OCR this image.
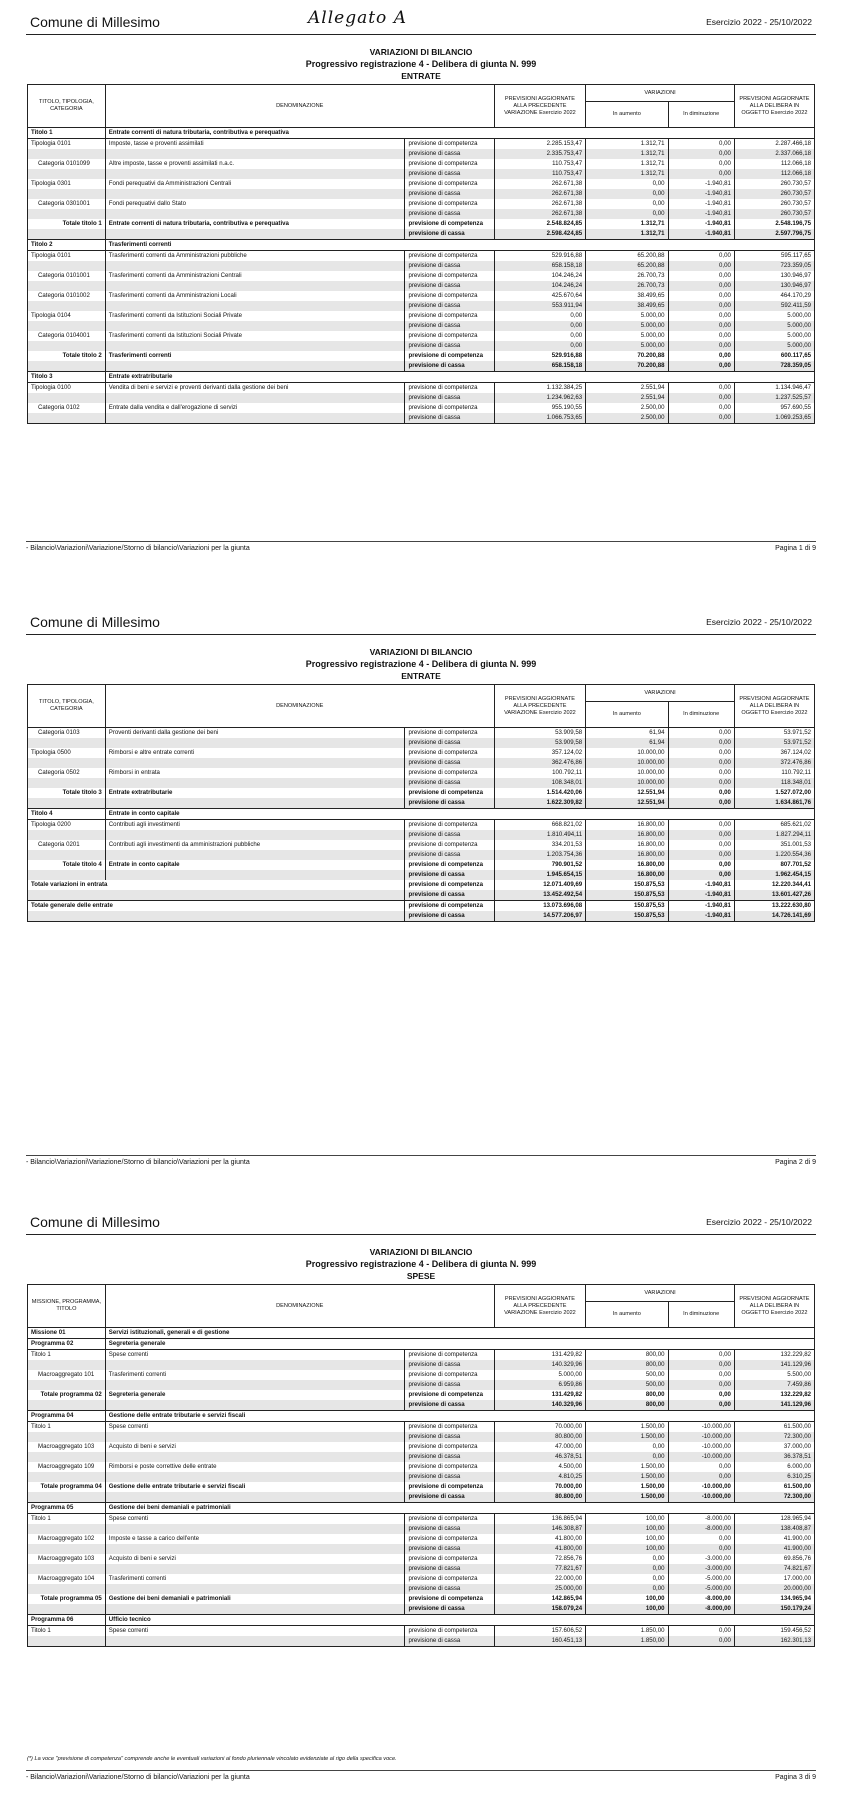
Comune di Millesimo	Allegato A	Esercizio 2022 - 25/10/2022
VARIAZIONI DI BILANCIO
Progressivo registrazione 4 - Delibera di giunta N. 999
ENTRATE
TITOLO, TIPOLOGIA, CATEGORIA	DENOMINAZIONE		PREVISIONI AGGIORNATE ALLA PRECEDENTE VARIAZIONE Esercizio 2022	VARIAZIONI		PREVISIONI AGGIORNATE ALLA DELIBERA IN OGGETTO Esercizio 2022
				In aumento	In diminuzione	
Titolo 1	Entrate correnti di natura tributaria, contributiva e perequativa					
Tipologia 0101	Imposte, tasse e proventi assimilati	previsione di competenza	2.285.153,47	1.312,71	0,00	2.287.466,18
		previsione di cassa	2.335.753,47	1.312,71	0,00	2.337.066,18
Categoria 0101099	Altre imposte, tasse e proventi assimilati n.a.c.	previsione di competenza	110.753,47	1.312,71	0,00	112.066,18
		previsione di cassa	110.753,47	1.312,71	0,00	112.066,18
Tipologia 0301	Fondi perequativi da Amministrazioni Centrali	previsione di competenza	262.671,38	0,00	-1.940,81	260.730,57
		previsione di cassa	262.671,38	0,00	-1.940,81	260.730,57
Categoria 0301001	Fondi perequativi dallo Stato	previsione di competenza	262.671,38	0,00	-1.940,81	260.730,57
		previsione di cassa	262.671,38	0,00	-1.940,81	260.730,57
Totale titolo 1	Entrate correnti di natura tributaria, contributiva e perequativa	previsione di competenza	2.548.824,85	1.312,71	-1.940,81	2.548.196,75
		previsione di cassa	2.598.424,85	1.312,71	-1.940,81	2.597.796,75
Titolo 2	Trasferimenti correnti					
Tipologia 0101	Trasferimenti correnti da Amministrazioni pubbliche	previsione di competenza	529.916,88	65.200,88	0,00	595.117,65
		previsione di cassa	658.158,18	65.200,88	0,00	723.359,05
Categoria 0101001	Trasferimenti correnti da Amministrazioni Centrali	previsione di competenza	104.246,24	26.700,73	0,00	130.946,97
		previsione di cassa	104.246,24	26.700,73	0,00	130.946,97
Categoria 0101002	Trasferimenti correnti da Amministrazioni Locali	previsione di competenza	425.670,64	38.499,65	0,00	464.170,29
		previsione di cassa	553.911,94	38.499,65	0,00	592.411,59
Tipologia 0104	Trasferimenti correnti da Istituzioni Sociali Private	previsione di competenza	0,00	5.000,00	0,00	5.000,00
		previsione di cassa	0,00	5.000,00	0,00	5.000,00
Categoria 0104001	Trasferimenti correnti da Istituzioni Sociali Private	previsione di competenza	0,00	5.000,00	0,00	5.000,00
		previsione di cassa	0,00	5.000,00	0,00	5.000,00
Totale titolo 2	Trasferimenti correnti	previsione di competenza	529.916,88	70.200,88	0,00	600.117,65
		previsione di cassa	658.158,18	70.200,88	0,00	728.359,05
Titolo 3	Entrate extratributarie					
Tipologia 0100	Vendita di beni e servizi e proventi derivanti dalla gestione dei beni	previsione di competenza	1.132.384,25	2.551,94	0,00	1.134.946,47
		previsione di cassa	1.234.962,63	2.551,94	0,00	1.237.525,57
Categoria 0102	Entrate dalla vendita e dall'erogazione di servizi	previsione di competenza	955.190,55	2.500,00	0,00	957.690,55
		previsione di cassa	1.066.753,65	2.500,00	0,00	1.069.253,65
- Bilancio\Variazioni\Variazione/Storno di bilancio\Variazioni per la giunta	Pagina 1 di 9
Comune di Millesimo	Esercizio 2022 - 25/10/2022
VARIAZIONI DI BILANCIO
Progressivo registrazione 4 - Delibera di giunta N. 999
ENTRATE
TITOLO, TIPOLOGIA, CATEGORIA	DENOMINAZIONE		PREVISIONI AGGIORNATE ALLA PRECEDENTE VARIAZIONE Esercizio 2022	VARIAZIONI		PREVISIONI AGGIORNATE ALLA DELIBERA IN OGGETTO Esercizio 2022
				In aumento	In diminuzione	
Categoria 0103	Proventi derivanti dalla gestione dei beni	previsione di competenza	53.909,58	61,94	0,00	53.971,52
		previsione di cassa	53.909,58	61,94	0,00	53.971,52
Tipologia 0500	Rimborsi e altre entrate correnti	previsione di competenza	357.124,02	10.000,00	0,00	367.124,02
		previsione di cassa	362.476,86	10.000,00	0,00	372.476,86
Categoria 0502	Rimborsi in entrata	previsione di competenza	100.792,11	10.000,00	0,00	110.792,11
		previsione di cassa	108.348,01	10.000,00	0,00	118.348,01
Totale titolo 3	Entrate extratributarie	previsione di competenza	1.514.420,06	12.551,94	0,00	1.527.072,00
		previsione di cassa	1.622.309,82	12.551,94	0,00	1.634.861,76
Titolo 4	Entrate in conto capitale					
Tipologia 0200	Contributi agli investimenti	previsione di competenza	668.821,02	16.800,00	0,00	685.621,02
		previsione di cassa	1.810.494,11	16.800,00	0,00	1.827.294,11
Categoria 0201	Contributi agli investimenti da amministrazioni pubbliche	previsione di competenza	334.201,53	16.800,00	0,00	351.001,53
		previsione di cassa	1.203.754,36	16.800,00	0,00	1.220.554,36
Totale titolo 4	Entrate in conto capitale	previsione di competenza	790.901,52	16.800,00	0,00	807.701,52
		previsione di cassa	1.945.654,15	16.800,00	0,00	1.962.454,15
Totale variazioni in entrata		previsione di competenza	12.071.409,69	150.875,53	-1.940,81	12.220.344,41
		previsione di cassa	13.452.492,54	150.875,53	-1.940,81	13.601.427,26
Totale generale delle entrate		previsione di competenza	13.073.696,08	150.875,53	-1.940,81	13.222.630,80
		previsione di cassa	14.577.206,97	150.875,53	-1.940,81	14.726.141,69
- Bilancio\Variazioni\Variazione/Storno di bilancio\Variazioni per la giunta	Pagina 2 di 9
Comune di Millesimo	Esercizio 2022 - 25/10/2022
VARIAZIONI DI BILANCIO
Progressivo registrazione 4 - Delibera di giunta N. 999
SPESE
MISSIONE, PROGRAMMA, TITOLO	DENOMINAZIONE		PREVISIONI AGGIORNATE ALLA PRECEDENTE VARIAZIONE Esercizio 2022	VARIAZIONI		PREVISIONI AGGIORNATE ALLA DELIBERA IN OGGETTO Esercizio 2022
				In aumento	In diminuzione	
Missione 01	Servizi istituzionali, generali e di gestione					
Programma 02	Segreteria generale					
Titolo 1	Spese correnti	previsione di competenza	131.429,82	800,00	0,00	132.229,82
		previsione di cassa	140.329,96	800,00	0,00	141.129,96
Macroaggregato 101	Trasferimenti correnti	previsione di competenza	5.000,00	500,00	0,00	5.500,00
		previsione di cassa	6.959,86	500,00	0,00	7.459,86
Totale programma 02	Segreteria generale	previsione di competenza	131.429,82	800,00	0,00	132.229,82
		previsione di cassa	140.329,96	800,00	0,00	141.129,96
Programma 04	Gestione delle entrate tributarie e servizi fiscali					
Titolo 1	Spese correnti	previsione di competenza	70.000,00	1.500,00	-10.000,00	61.500,00
		previsione di cassa	80.800,00	1.500,00	-10.000,00	72.300,00
Macroaggregato 103	Acquisto di beni e servizi	previsione di competenza	47.000,00	0,00	-10.000,00	37.000,00
		previsione di cassa	46.378,51	0,00	-10.000,00	36.378,51
Macroaggregato 109	Rimborsi e poste correttive delle entrate	previsione di competenza	4.500,00	1.500,00	0,00	6.000,00
		previsione di cassa	4.810,25	1.500,00	0,00	6.310,25
Totale programma 04	Gestione delle entrate tributarie e servizi fiscali	previsione di competenza	70.000,00	1.500,00	-10.000,00	61.500,00
		previsione di cassa	80.800,00	1.500,00	-10.000,00	72.300,00
Programma 05	Gestione dei beni demaniali e patrimoniali					
Titolo 1	Spese correnti	previsione di competenza	136.865,94	100,00	-8.000,00	128.965,94
		previsione di cassa	146.308,87	100,00	-8.000,00	138.408,87
Macroaggregato 102	Imposte e tasse a carico dell'ente	previsione di competenza	41.800,00	100,00	0,00	41.900,00
		previsione di cassa	41.800,00	100,00	0,00	41.900,00
Macroaggregato 103	Acquisto di beni e servizi	previsione di competenza	72.856,76	0,00	-3.000,00	69.856,76
		previsione di cassa	77.821,67	0,00	-3.000,00	74.821,67
Macroaggregato 104	Trasferimenti correnti	previsione di competenza	22.000,00	0,00	-5.000,00	17.000,00
		previsione di cassa	25.000,00	0,00	-5.000,00	20.000,00
Totale programma 05	Gestione dei beni demaniali e patrimoniali	previsione di competenza	142.865,94	100,00	-8.000,00	134.965,94
		previsione di cassa	158.079,24	100,00	-8.000,00	150.179,24
Programma 06	Ufficio tecnico					
Titolo 1	Spese correnti	previsione di competenza	157.606,52	1.850,00	0,00	159.456,52
		previsione di cassa	160.451,13	1.850,00	0,00	162.301,13
(*) La voce "previsione di competenza" comprende anche le eventuali variazioni al fondo pluriennale vincolato evidenziate al rigo della specifica voce.
- Bilancio\Variazioni\Variazione/Storno di bilancio\Variazioni per la giunta	Pagina 3 di 9
